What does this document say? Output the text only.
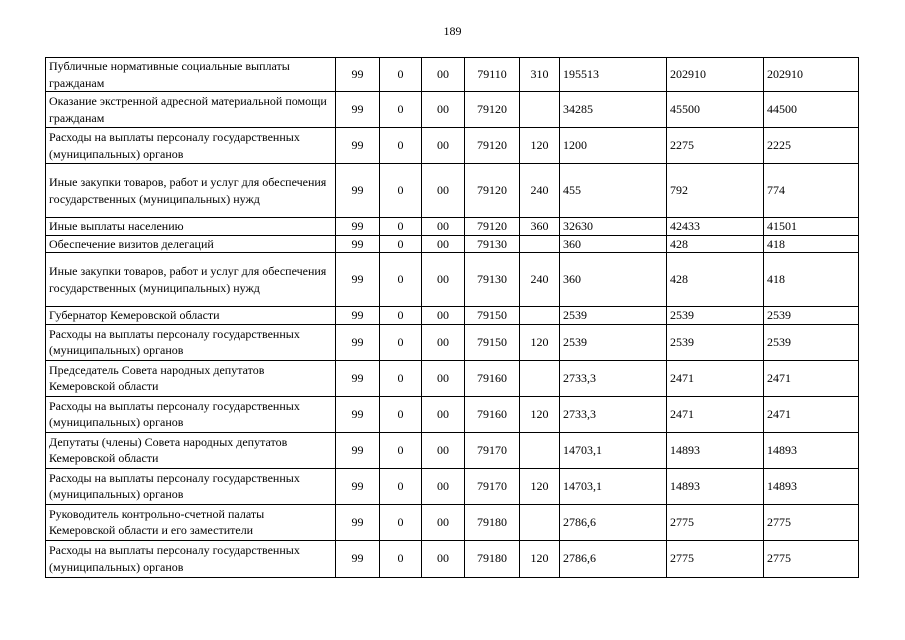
189
Публичные нормативные социальные выплаты гражданам	99	0	00	79110	310	195513	202910	202910
Оказание экстренной адресной материальной помощи гражданам	99	0	00	79120		34285	45500	44500
Расходы на выплаты персоналу государственных (муниципальных) органов	99	0	00	79120	120	1200	2275	2225
Иные закупки товаров, работ и услуг для обеспечения государственных (муниципальных) нужд	99	0	00	79120	240	455	792	774
Иные выплаты населению	99	0	00	79120	360	32630	42433	41501
Обеспечение визитов делегаций	99	0	00	79130		360	428	418
Иные закупки товаров, работ и услуг для обеспечения государственных (муниципальных) нужд	99	0	00	79130	240	360	428	418
Губернатор Кемеровской области	99	0	00	79150		2539	2539	2539
Расходы на выплаты персоналу государственных (муниципальных) органов	99	0	00	79150	120	2539	2539	2539
Председатель Совета народных депутатов Кемеровской области	99	0	00	79160		2733,3	2471	2471
Расходы на выплаты персоналу государственных (муниципальных) органов	99	0	00	79160	120	2733,3	2471	2471
Депутаты (члены) Совета народных депутатов Кемеровской области	99	0	00	79170		14703,1	14893	14893
Расходы на выплаты персоналу государственных (муниципальных) органов	99	0	00	79170	120	14703,1	14893	14893
Руководитель контрольно-счетной палаты Кемеровской области и его заместители	99	0	00	79180		2786,6	2775	2775
Расходы на выплаты персоналу государственных (муниципальных) органов	99	0	00	79180	120	2786,6	2775	2775
